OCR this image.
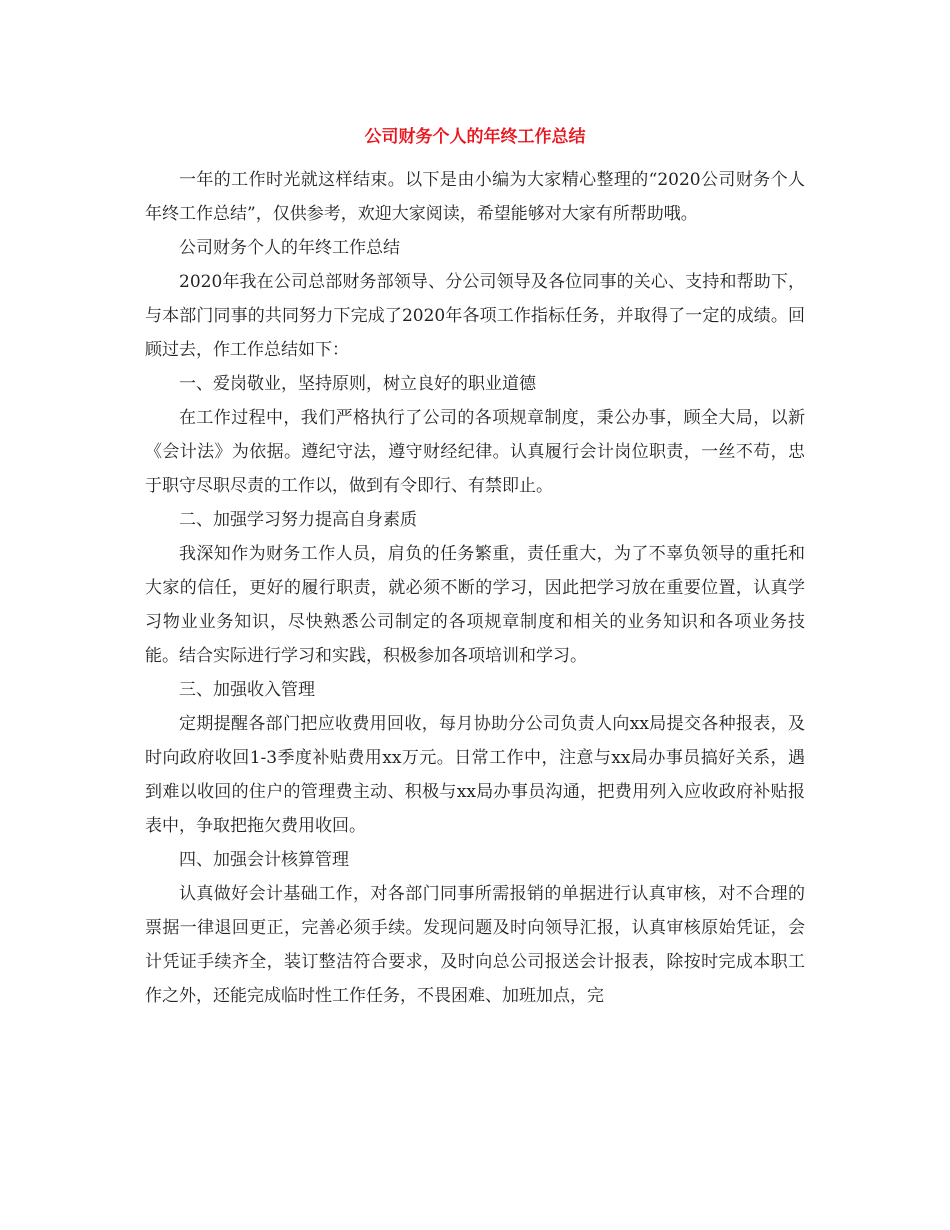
公司财务个人的年终工作总结

一年的工作时光就这样结束。以下是由小编为大家精心整理的“2020公司财务个人年终工作总结”，仅供参考，欢迎大家阅读，希望能够对大家有所帮助哦。

公司财务个人的年终工作总结

2020年我在公司总部财务部领导、分公司领导及各位同事的关心、支持和帮助下，与本部门同事的共同努力下完成了2020年各项工作指标任务，并取得了一定的成绩。回顾过去，作工作总结如下：

一、爱岗敬业，坚持原则，树立良好的职业道德

在工作过程中，我们严格执行了公司的各项规章制度，秉公办事，顾全大局，以新《会计法》为依据。遵纪守法，遵守财经纪律。认真履行会计岗位职责，一丝不苟，忠于职守尽职尽责的工作以，做到有令即行、有禁即止。

二、加强学习努力提高自身素质

我深知作为财务工作人员，肩负的任务繁重，责任重大，为了不辜负领导的重托和大家的信任，更好的履行职责，就必须不断的学习，因此把学习放在重要位置，认真学习物业业务知识，尽快熟悉公司制定的各项规章制度和相关的业务知识和各项业务技能。结合实际进行学习和实践，积极参加各项培训和学习。

三、加强收入管理

定期提醒各部门把应收费用回收，每月协助分公司负责人向xx局提交各种报表，及时向政府收回1-3季度补贴费用xx万元。日常工作中，注意与xx局办事员搞好关系，遇到难以收回的住户的管理费主动、积极与xx局办事员沟通，把费用列入应收政府补贴报表中，争取把拖欠费用收回。

四、加强会计核算管理

认真做好会计基础工作，对各部门同事所需报销的单据进行认真审核，对不合理的票据一律退回更正，完善必须手续。发现问题及时向领导汇报，认真审核原始凭证，会计凭证手续齐全，装订整洁符合要求，及时向总公司报送会计报表，除按时完成本职工作之外，还能完成临时性工作任务，不畏困难、加班加点，完
